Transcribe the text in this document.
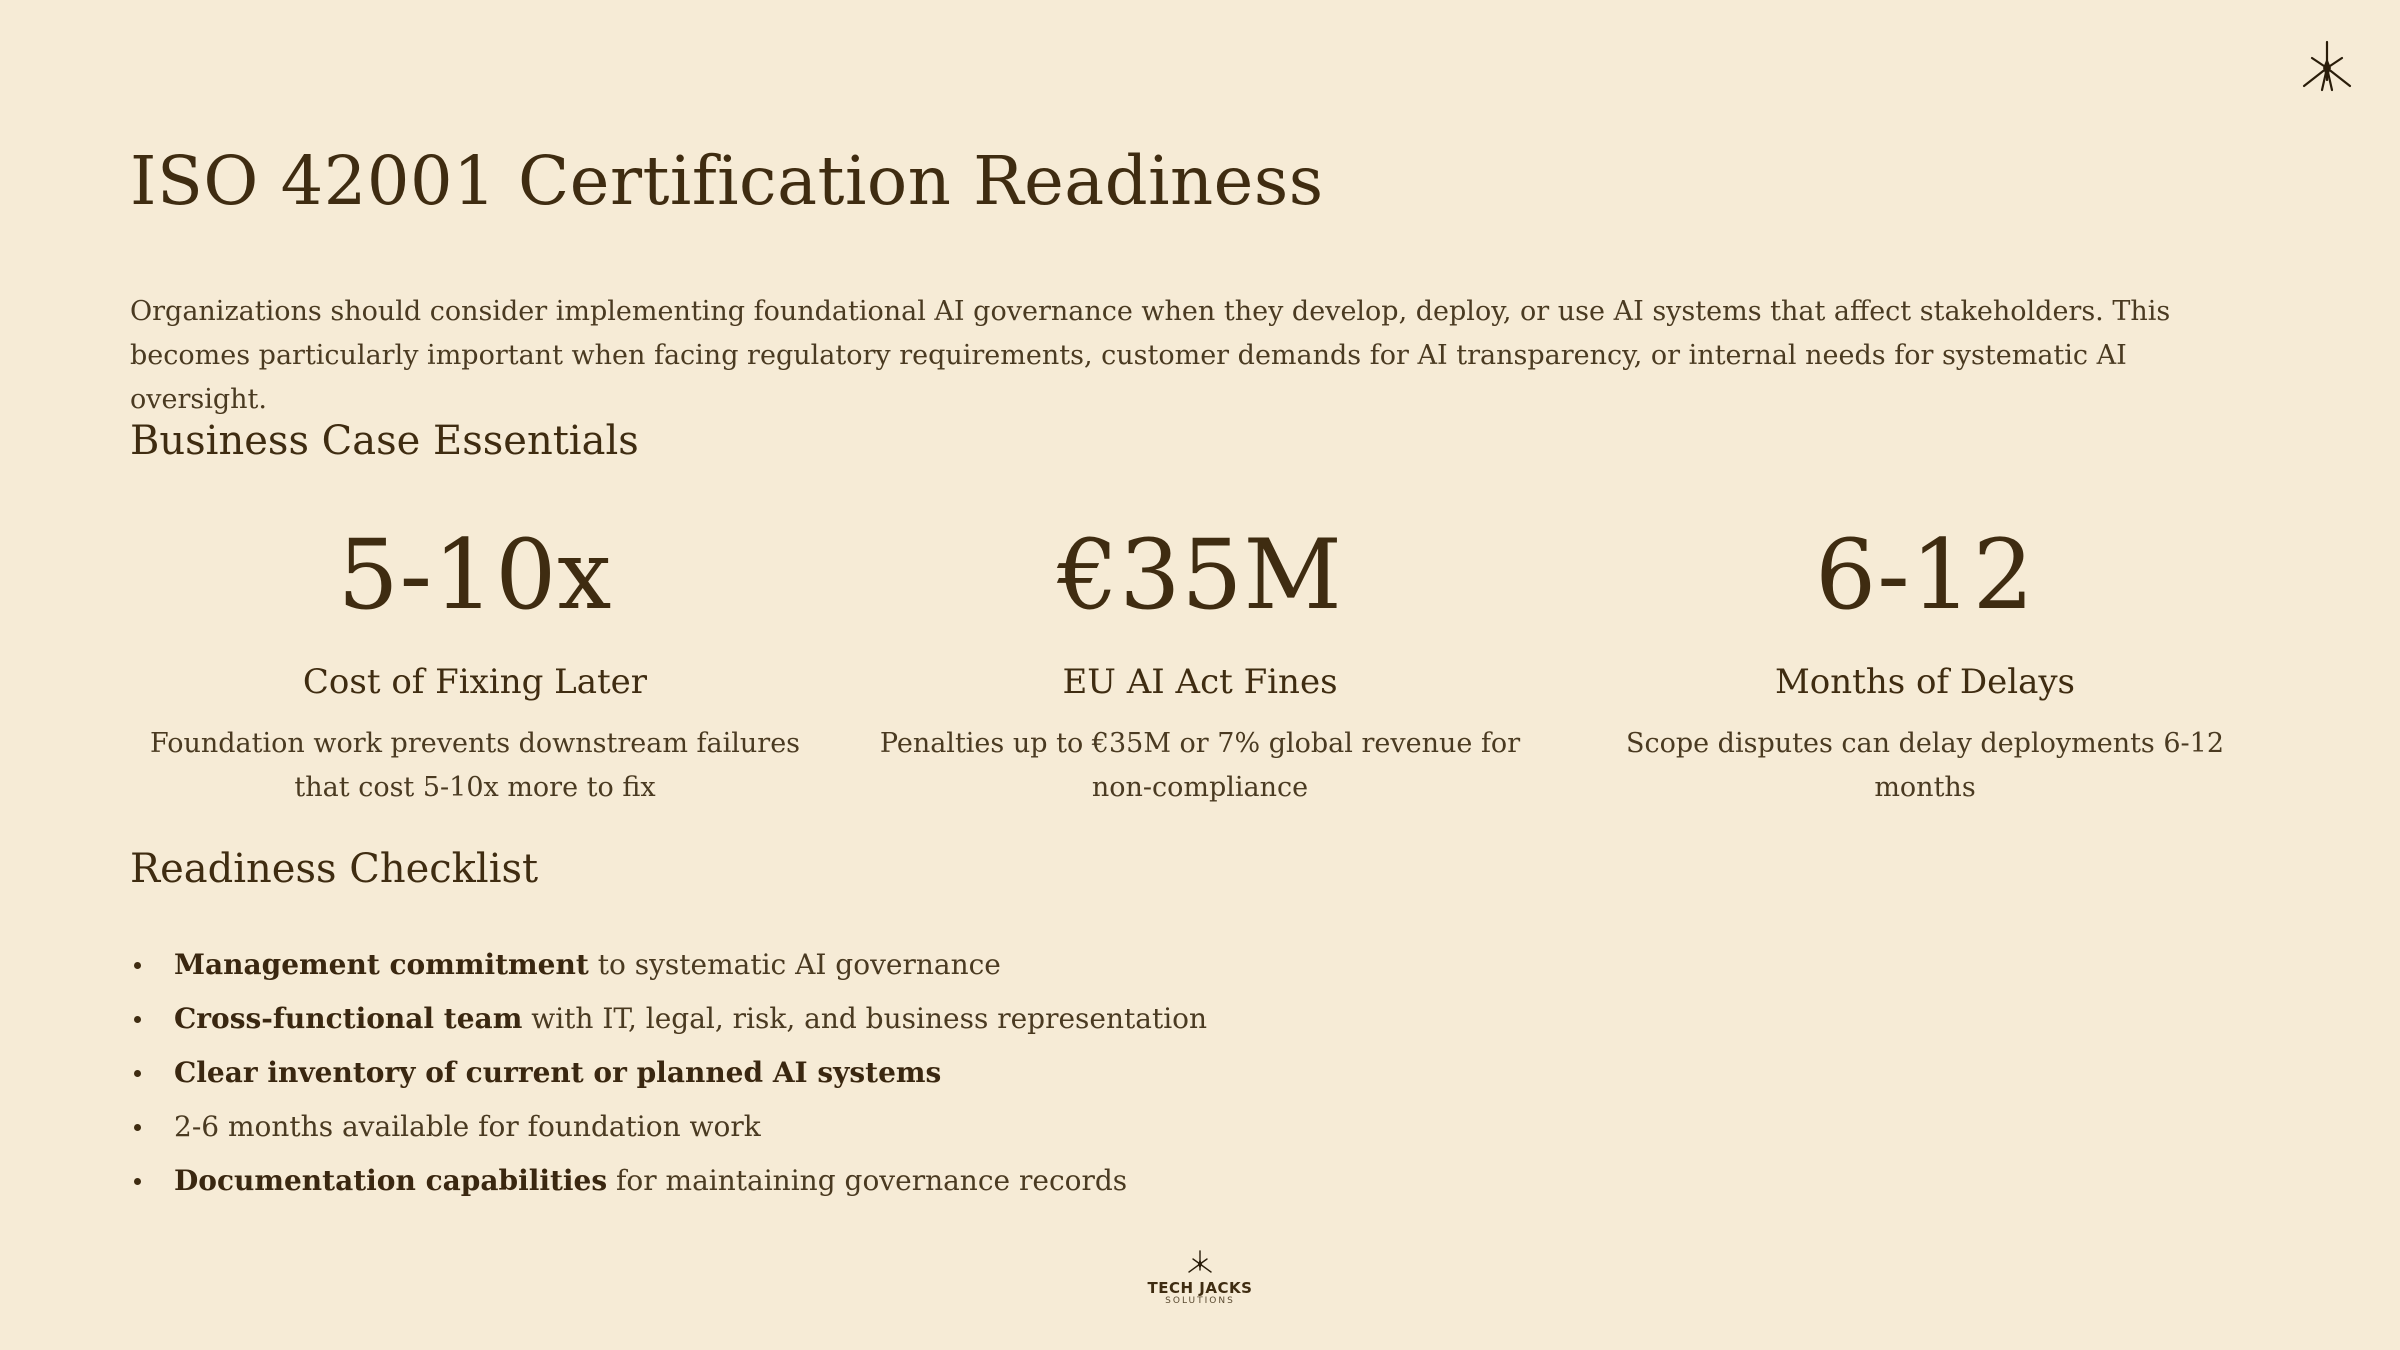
ISO 42001 Certification Readiness

Organizations should consider implementing foundational AI governance when they develop, deploy, or use AI systems that affect stakeholders. This becomes particularly important when facing regulatory requirements, customer demands for AI transparency, or internal needs for systematic AI oversight.

Business Case Essentials
5-10x
Cost of Fixing Later
Foundation work prevents downstream failures that cost 5-10x more to fix
€35M
EU AI Act Fines
Penalties up to €35M or 7% global revenue for non-compliance
6-12
Months of Delays
Scope disputes can delay deployments 6-12 months
Readiness Checklist
Management commitment to systematic AI governance
Cross-functional team with IT, legal, risk, and business representation
Clear inventory of current or planned AI systems
2-6 months available for foundation work
Documentation capabilities for maintaining governance records
TECH JACKS
SOLUTIONS
